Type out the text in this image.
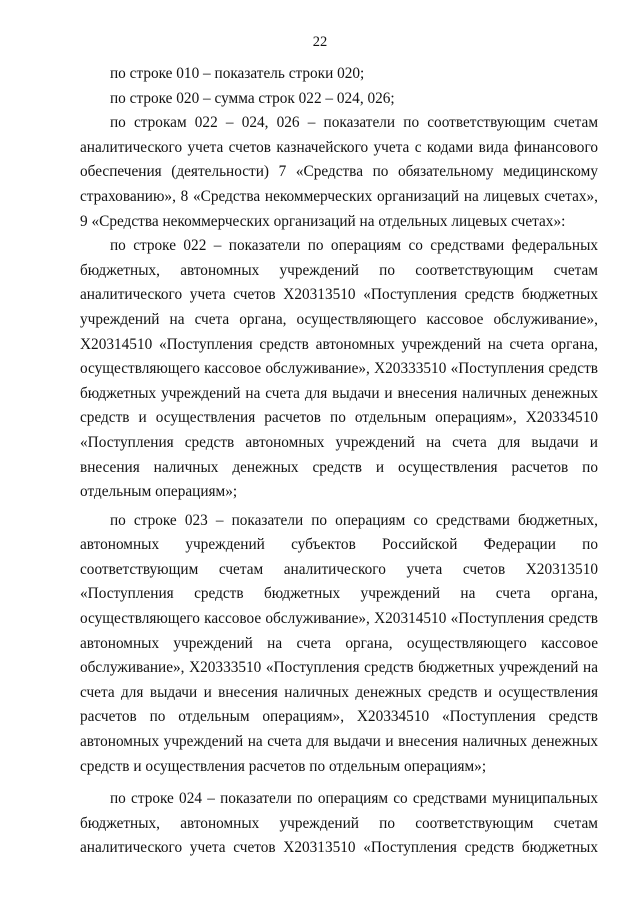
22

по строке 010 – показатель строки 020;

по строке 020 – сумма строк 022 – 024, 026;

по строкам 022 – 024, 026 – показатели по соответствующим счетам аналитического учета счетов казначейского учета с кодами вида финансового обеспечения (деятельности) 7 «Средства по обязательному медицинскому страхованию», 8 «Средства некоммерческих организаций на лицевых счетах», 9 «Средства некоммерческих организаций на отдельных лицевых счетах»:

по строке 022 – показатели по операциям со средствами федеральных бюджетных, автономных учреждений по соответствующим счетам аналитического учета счетов Х20313510 «Поступления средств бюджетных учреждений на счета органа, осуществляющего кассовое обслуживание», Х20314510 «Поступления средств автономных учреждений на счета органа, осуществляющего кассовое обслуживание», Х20333510 «Поступления средств бюджетных учреждений на счета для выдачи и внесения наличных денежных средств и осуществления расчетов по отдельным операциям», Х20334510 «Поступления средств автономных учреждений на счета для выдачи и внесения наличных денежных средств и осуществления расчетов по отдельным операциям»;

по строке 023 – показатели по операциям со средствами бюджетных, автономных учреждений субъектов Российской Федерации по соответствующим счетам аналитического учета счетов Х20313510 «Поступления средств бюджетных учреждений на счета органа, осуществляющего кассовое обслуживание», Х20314510 «Поступления средств автономных учреждений на счета органа, осуществляющего кассовое обслуживание», Х20333510 «Поступления средств бюджетных учреждений на счета для выдачи и внесения наличных денежных средств и осуществления расчетов по отдельным операциям», Х20334510 «Поступления средств автономных учреждений на счета для выдачи и внесения наличных денежных средств и осуществления расчетов по отдельным операциям»;

по строке 024 – показатели по операциям со средствами муниципальных бюджетных, автономных учреждений по соответствующим счетам аналитического учета счетов Х20313510 «Поступления средств бюджетных
